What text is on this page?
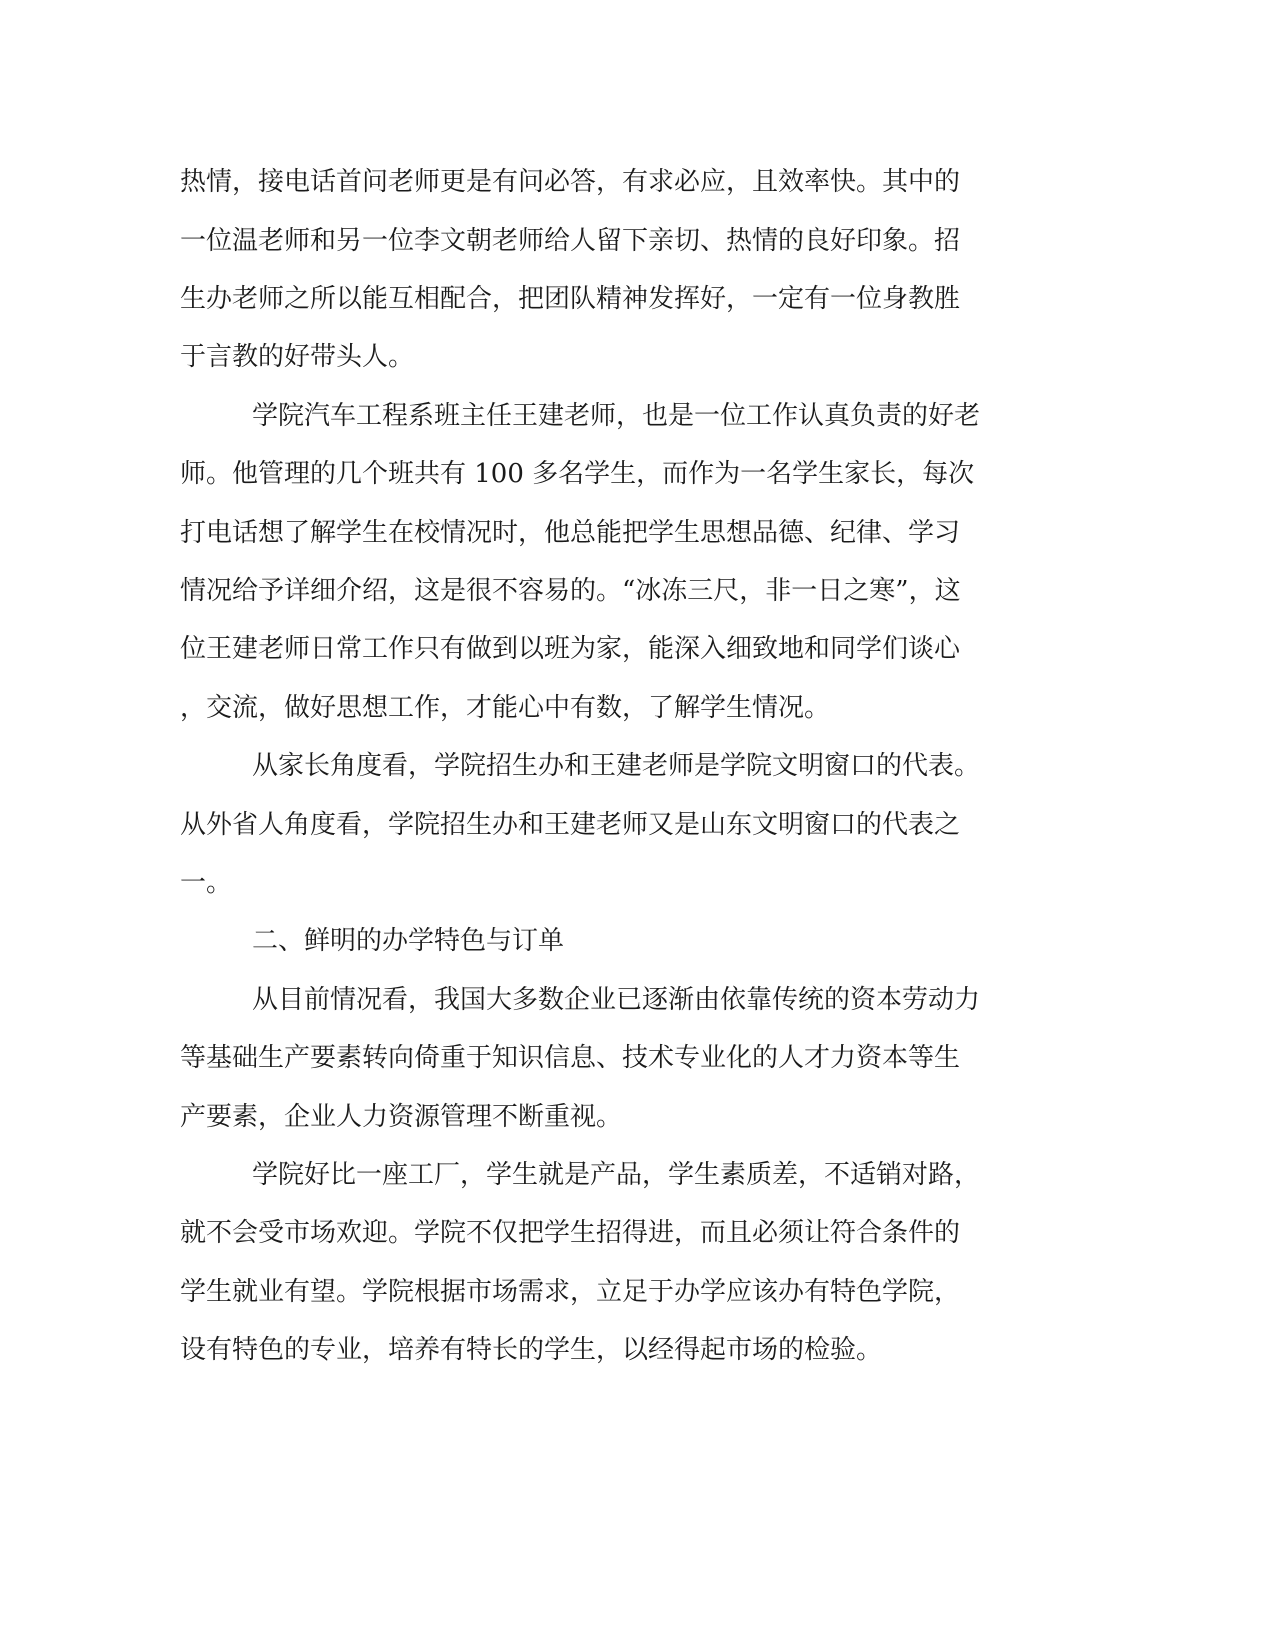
热情，接电话首问老师更是有问必答，有求必应，且效率快。其中的
一位温老师和另一位李文朝老师给人留下亲切、热情的良好印象。招
生办老师之所以能互相配合，把团队精神发挥好，一定有一位身教胜
于言教的好带头人。
学院汽车工程系班主任王建老师，也是一位工作认真负责的好老
师。他管理的几个班共有 100 多名学生，而作为一名学生家长，每次
打电话想了解学生在校情况时，他总能把学生思想品德、纪律、学习
情况给予详细介绍，这是很不容易的。“冰冻三尺，非一日之寒”，这
位王建老师日常工作只有做到以班为家，能深入细致地和同学们谈心
，交流，做好思想工作，才能心中有数，了解学生情况。
从家长角度看，学院招生办和王建老师是学院文明窗口的代表。
从外省人角度看，学院招生办和王建老师又是山东文明窗口的代表之
一。
二、鲜明的办学特色与订单
从目前情况看，我国大多数企业已逐渐由依靠传统的资本劳动力
等基础生产要素转向倚重于知识信息、技术专业化的人才力资本等生
产要素，企业人力资源管理不断重视。
学院好比一座工厂，学生就是产品，学生素质差，不适销对路，
就不会受市场欢迎。学院不仅把学生招得进，而且必须让符合条件的
学生就业有望。学院根据市场需求，立足于办学应该办有特色学院，
设有特色的专业，培养有特长的学生，以经得起市场的检验。
